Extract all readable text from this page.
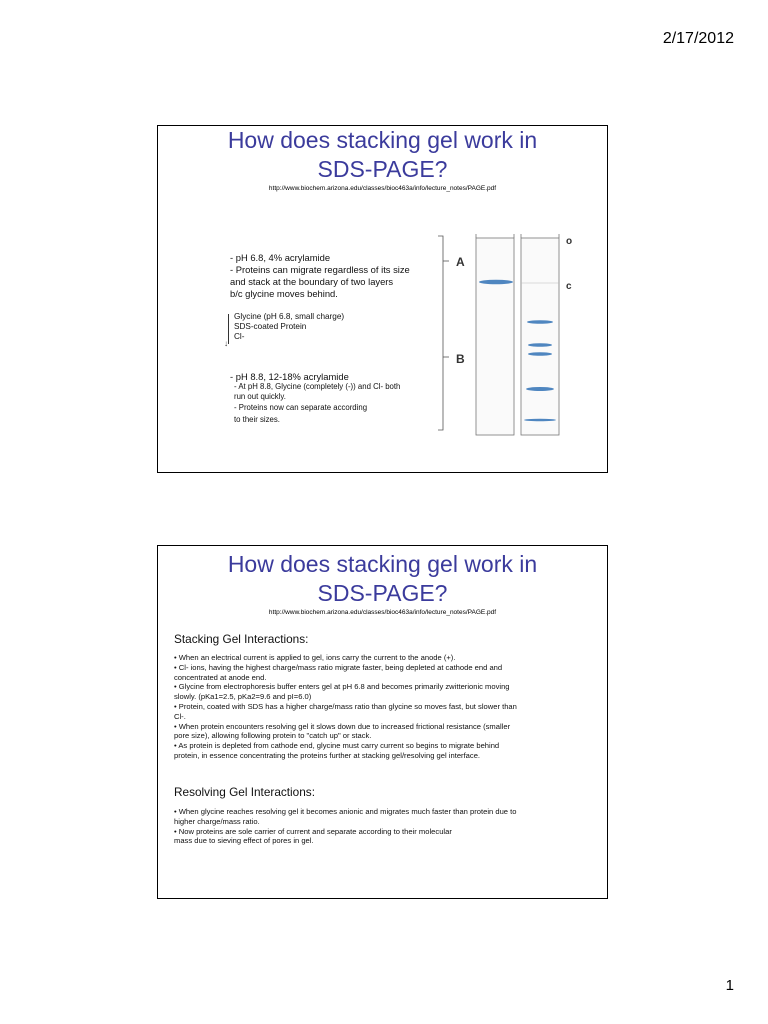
2/17/2012
How does stacking gel work in
SDS-PAGE?
http://www.biochem.arizona.edu/classes/bioc463a/info/lecture_notes/PAGE.pdf
- pH 6.8, 4% acrylamide
- Proteins can migrate regardless of its size
and stack at the boundary of two layers
b/c glycine moves behind.
↓
Glycine (pH 6.8, small charge)
SDS-coated Protein
Cl-
- pH 8.8, 12-18% acrylamide
- At pH 8.8, Glycine (completely (-)) and Cl- both
run out quickly.
- Proteins now can separate according
to their sizes.
A
B
o
c
How does stacking gel work in
SDS-PAGE?
http://www.biochem.arizona.edu/classes/bioc463a/info/lecture_notes/PAGE.pdf
Stacking Gel Interactions:

• When an electrical current is applied to gel, ions carry the current to the anode (+).

• Cl- ions, having the highest charge/mass ratio migrate faster, being depleted at cathode end and

concentrated at anode end.

• Glycine from electrophoresis buffer enters gel at pH 6.8 and becomes primarily zwitterionic moving

slowly. (pKa1=2.5, pKa2=9.6 and pI=6.0)

• Protein, coated with SDS has a higher charge/mass ratio than glycine so moves fast, but slower than

Cl-.

• When protein encounters resolving gel it slows down due to increased frictional resistance (smaller

pore size), allowing following protein to "catch up" or stack.

• As protein is depleted from cathode end, glycine must carry current so begins to migrate behind

protein, in essence concentrating the proteins further at stacking gel/resolving gel interface.

Resolving Gel Interactions:

• When glycine reaches resolving gel it becomes anionic and migrates much faster than protein due to

higher charge/mass ratio.

• Now proteins are sole carrier of current and separate according to their molecular

mass due to sieving effect of pores in gel.

1
